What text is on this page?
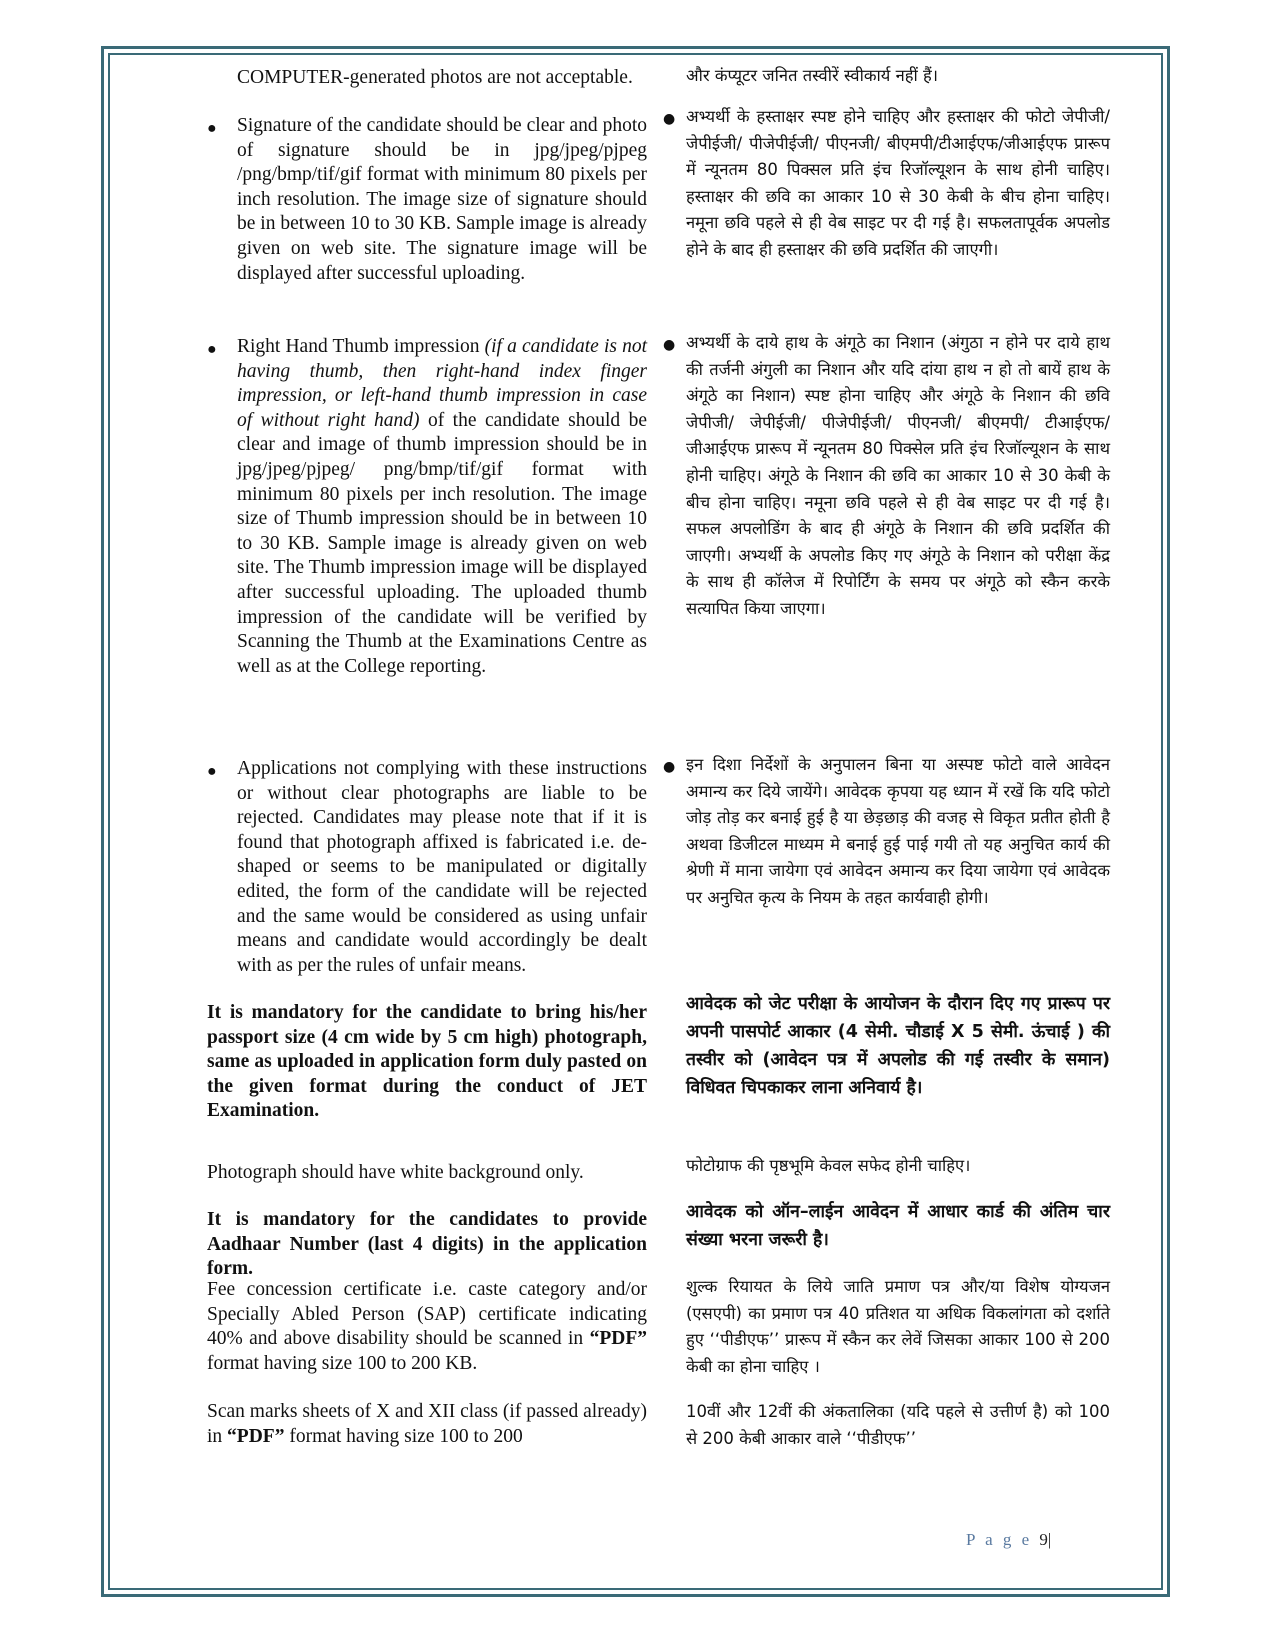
COMPUTER-generated photos are not acceptable.

●	Signature of the candidate should be clear and photo of signature should be in jpg/jpeg/pjpeg /png/bmp/tif/gif format with minimum 80 pixels per inch resolution. The image size of signature should be in between 10 to 30 KB. Sample image is already given on web site. The signature image will be displayed after successful uploading.

●	Right Hand Thumb impression (if a candidate is not having thumb, then right-hand index finger impression, or left-hand thumb impression in case of without right hand) of the candidate should be clear and image of thumb impression should be in jpg/jpeg/pjpeg/ png/bmp/tif/gif format with minimum 80 pixels per inch resolution. The image size of Thumb impression should be in between 10 to 30 KB. Sample image is already given on web site. The Thumb impression image will be displayed after successful uploading. The uploaded thumb impression of the candidate will be verified by Scanning the Thumb at the Examinations Centre as well as at the College reporting.

●	Applications not complying with these instructions or without clear photographs are liable to be rejected. Candidates may please note that if it is found that photograph affixed is fabricated i.e. de-shaped or seems to be manipulated or digitally edited, the form of the candidate will be rejected and the same would be considered as using unfair means and candidate would accordingly be dealt with as per the rules of unfair means.

It is mandatory for the candidate to bring his/her passport size (4 cm wide by 5 cm high) photograph, same as uploaded in application form duly pasted on the given format during the conduct of JET Examination.

Photograph should have white background only.

It is mandatory for the candidates to provide Aadhaar Number (last 4 digits) in the application form.

Fee concession certificate i.e. caste category and/or Specially Abled Person (SAP) certificate indicating 40% and above disability should be scanned in “PDF” format having size 100 to 200 KB.

Scan marks sheets of X and XII class (if passed already) in “PDF” format having size 100 to 200

और कंप्यूटर जनित तस्वीरें स्वीकार्य नहीं हैं।

● अभ्यर्थी के हस्ताक्षर स्पष्ट होने चाहिए और हस्ताक्षर की फोटो जेपीजी/ जेपीईजी/ पीजेपीईजी/ पीएनजी/ बीएमपी/टीआईएफ/जीआईएफ प्रारूप में न्यूनतम 80 पिक्सल प्रति इंच रिजॉल्यूशन के साथ होनी चाहिए। हस्ताक्षर की छवि का आकार 10 से 30 केबी के बीच होना चाहिए। नमूना छवि पहले से ही वेब साइट पर दी गई है। सफलतापूर्वक अपलोड होने के बाद ही हस्ताक्षर की छवि प्रदर्शित की जाएगी।

● अभ्यर्थी के दाये हाथ के अंगूठे का निशान (अंगुठा न होने पर दाये हाथ की तर्जनी अंगुली का निशान और यदि दांया हाथ न हो तो बायें हाथ के अंगूठे का निशान) स्पष्ट होना चाहिए और अंगूठे के निशान की छवि जेपीजी/ जेपीईजी/ पीजेपीईजी/ पीएनजी/ बीएमपी/ टीआईएफ/ जीआईएफ प्रारूप में न्यूनतम 80 पिक्सेल प्रति इंच रिजॉल्यूशन के साथ होनी चाहिए। अंगूठे के निशान की छवि का आकार 10 से 30 केबी के बीच होना चाहिए। नमूना छवि पहले से ही वेब साइट पर दी गई है। सफल अपलोडिंग के बाद ही अंगूठे के निशान की छवि प्रदर्शित की जाएगी। अभ्यर्थी के अपलोड किए गए अंगूठे के निशान को परीक्षा केंद्र के साथ ही कॉलेज में रिपोर्टिंग के समय पर अंगूठे को स्कैन करके सत्यापित किया जाएगा।

● इन दिशा निर्देशों के अनुपालन बिना या अस्पष्ट फोटो वाले आवेदन अमान्य कर दिये जायेंगे। आवेदक कृपया यह ध्यान में रखें कि यदि फोटो जोड़ तोड़ कर बनाई हुई है या छेड़छाड़ की वजह से विकृत प्रतीत होती है अथवा डिजीटल माध्यम मे बनाई हुई पाई गयी तो यह अनुचित कार्य की श्रेणी में माना जायेगा एवं आवेदन अमान्य कर दिया जायेगा एवं आवेदक पर अनुचित कृत्य के नियम के तहत कार्यवाही होगी।

आवेदक को जेट परीक्षा के आयोजन के दौरान दिए गए प्रारूप पर अपनी पासपोर्ट आकार (4 सेमी. चौडाई X 5 सेमी. ऊंचाई ) की तस्वीर को (आवेदन पत्र में अपलोड की गई तस्वीर के समान) विधिवत चिपकाकर लाना अनिवार्य है।

फोटोग्राफ की पृष्ठभूमि केवल सफेद होनी चाहिए।

आवेदक को ऑन–लाईन आवेदन में आधार कार्ड की अंतिम चार संख्या भरना जरूरी है।

शुल्क रियायत के लिये जाति प्रमाण पत्र और/या विशेष योग्यजन (एसएपी) का प्रमाण पत्र 40 प्रतिशत या अधिक विकलांगता को दर्शाते हुए ‘‘पीडीएफ’’ प्रारूप में स्कैन कर लेवें जिसका आकार 100 से 200 केबी का होना चाहिए ।

10वीं और 12वीं की अंकतालिका (यदि पहले से उत्तीर्ण है) को 100 से 200 केबी आकार वाले ‘‘पीडीएफ’’

P a g e 9|
